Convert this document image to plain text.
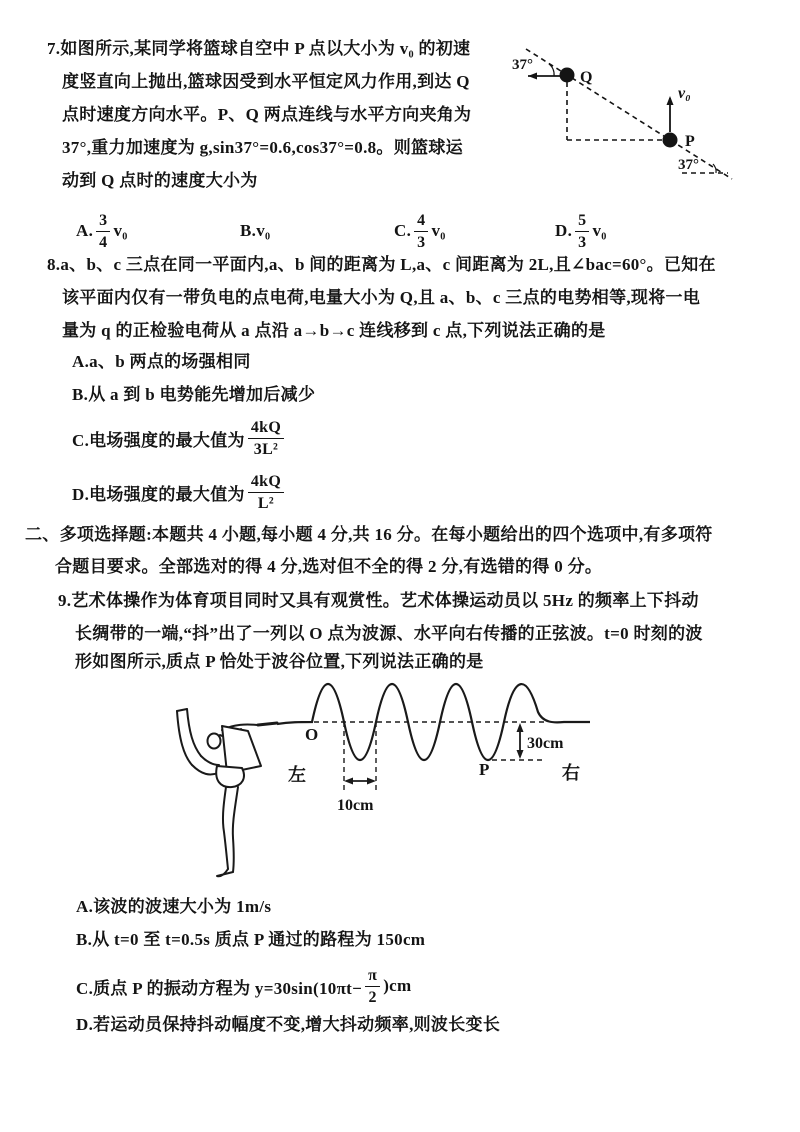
7.如图所示,某同学将篮球自空中 P 点以大小为 v₀ 的初速
度竖直向上抛出,篮球因受到水平恒定风力作用,到达 Q
点时速度方向水平。P、Q 两点连线与水平方向夹角为
37°,重力加速度为 g,sin37°=0.6,cos37°=0.8。则篮球运
动到 Q 点时的速度大小为
Q
37°
v₀
P
37°
A. $\frac{3}{4} v_0$	B. v₀	C. $\frac{4}{3} v_0$	D. $\frac{5}{3} v_0$
8.a、b、c 三点在同一平面内,a、b 间的距离为 L,a、c 间距离为 2L,且∠bac=60°。已知在
该平面内仅有一带负电的点电荷,电量大小为 Q,且 a、b、c 三点的电势相等,现将一电
量为 q 的正检验电荷从 a 点沿 a→b→c 连线移到 c 点,下列说法正确的是
A.a、b 两点的场强相同
B.从 a 到 b 电势能先增加后减少
C.电场强度的最大值为 $\frac{4kQ}{\text{3L²}}$
D.电场强度的最大值为 $\frac{4kQ}{\text{L²}}$
二、多项选择题:本题共 4 小题,每小题 4 分,共 16 分。在每小题给出的四个选项中,有多项符
合题目要求。全部选对的得 4 分,选对但不全的得 2 分,有选错的得 0 分。
9.艺术体操作为体育项目同时又具有观赏性。艺术体操运动员以 5Hz 的频率上下抖动
长绸带的一端,“抖”出了一列以 O 点为波源、水平向右传播的正弦波。t=0 时刻的波
形如图所示,质点 P 恰处于波谷位置,下列说法正确的是
10cm
30cm
O
P
左	右
A.该波的波速大小为 1m/s
B.从 t=0 至 t=0.5s 质点 P 通过的路程为 150cm
C.质点 P 的振动方程为 $y=30\sin(10\pi t- \frac{\pi}{2} )cm$
D.若运动员保持抖动幅度不变,增大抖动频率,则波长变长
